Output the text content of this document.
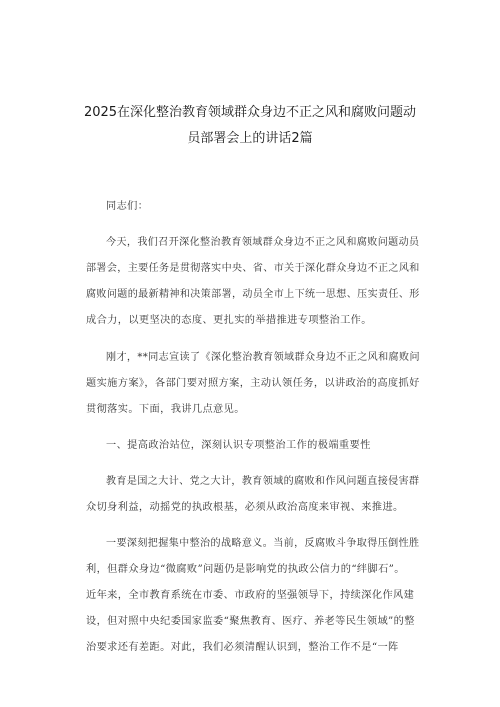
2025在深化整治教育领域群众身边不正之风和腐败问题动
员部署会上的讲话2篇
同志们：
今天，我们召开深化整治教育领域群众身边不正之风和腐败问题动员
部署会，主要任务是贯彻落实中央、省、市关于深化群众身边不正之风和
腐败问题的最新精神和决策部署，动员全市上下统一思想、压实责任、形
成合力，以更坚决的态度、更扎实的举措推进专项整治工作。
刚才，**同志宣读了《深化整治教育领域群众身边不正之风和腐败问
题实施方案》，各部门要对照方案，主动认领任务，以讲政治的高度抓好
贯彻落实。下面，我讲几点意见。
一、提高政治站位，深刻认识专项整治工作的极端重要性
教育是国之大计、党之大计，教育领域的腐败和作风问题直接侵害群
众切身利益，动摇党的执政根基，必须从政治高度来审视、来推进。
一要深刻把握集中整治的战略意义。当前，反腐败斗争取得压倒性胜
利，但群众身边“微腐败”问题仍是影响党的执政公信力的“绊脚石”。
近年来，全市教育系统在市委、市政府的坚强领导下，持续深化作风建
设，但对照中央纪委国家监委“聚焦教育、医疗、养老等民生领域”的整
治要求还有差距。对此，我们必须清醒认识到，整治工作不是“一阵
